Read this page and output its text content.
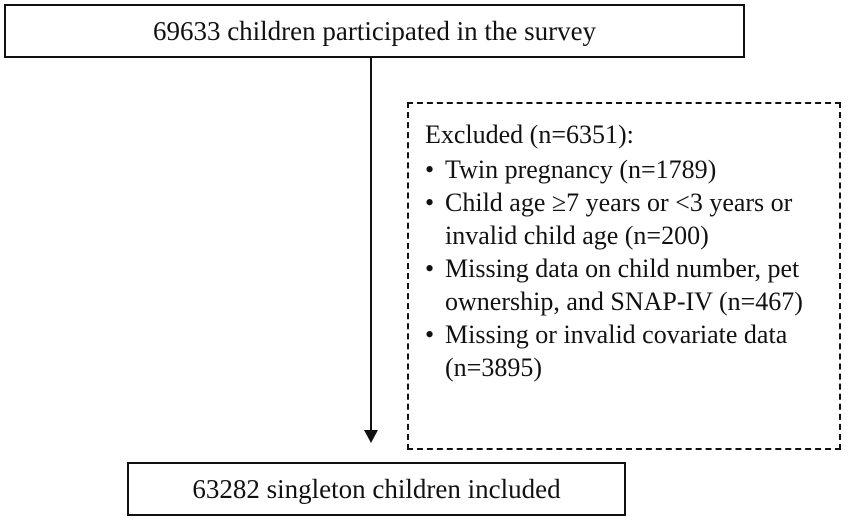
69633 children participated in the survey
Excluded (n=6351):
• Twin pregnancy (n=1789)
• Child age ≥7 years or <3 years or invalid child age (n=200)
• Missing data on child number, pet ownership, and SNAP-IV (n=467)
• Missing or invalid covariate data (n=3895)
63282 singleton children included
